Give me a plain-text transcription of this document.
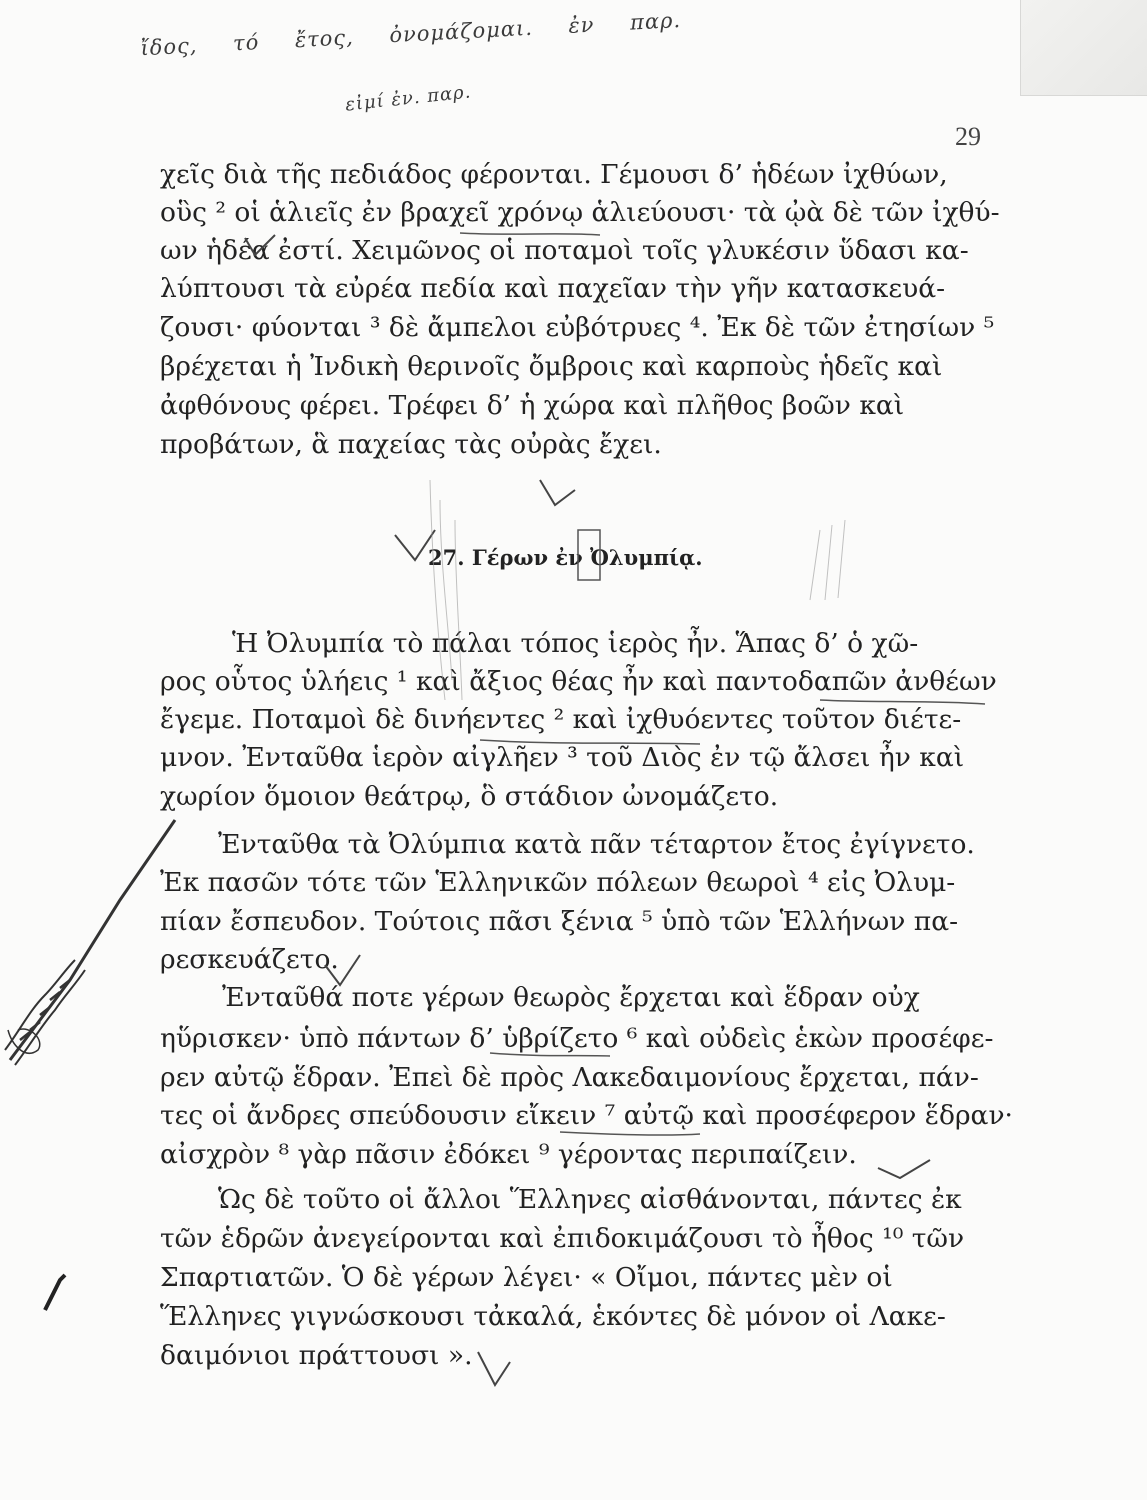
ἴδος, τό ἔτος, ὀνομάζομαι. ἐν παρ.
εἰμί ἐν. παρ.
29
χεῖς διὰ τῆς πεδιάδος φέρονται. Γέμουσι δ’ ἡδέων ἰχθύων,
οὓς ² οἱ ἁλιεῖς ἐν βραχεῖ χρόνῳ ἁλιεύουσι· τὰ ᾠὰ δὲ τῶν ἰχθύ-
ων ἡδέα ἐστί. Χειμῶνος οἱ ποταμοὶ τοῖς γλυκέσιν ὕδασι κα-
λύπτουσι τὰ εὐρέα πεδία καὶ παχεῖαν τὴν γῆν κατασκευά-
ζουσι· φύονται ³ δὲ ἄμπελοι εὐβότρυες ⁴. Ἐκ δὲ τῶν ἐτησίων ⁵
βρέχεται ἡ Ἰνδικὴ θερινοῖς ὄμβροις καὶ καρποὺς ἡδεῖς καὶ
ἀφθόνους φέρει. Τρέφει δ’ ἡ χώρα καὶ πλῆθος βοῶν καὶ
προβάτων, ἃ παχείας τὰς οὐρὰς ἔχει.
27. Γέρων ἐν Ὀλυμπίᾳ.
Ἡ Ὀλυμπία τὸ πάλαι τόπος ἱερὸς ἦν. Ἅπας δ’ ὁ χῶ-
ρος οὗτος ὑλήεις ¹ καὶ ἄξιος θέας ἦν καὶ παντοδαπῶν ἀνθέων
ἔγεμε. Ποταμοὶ δὲ δινήεντες ² καὶ ἰχθυόεντες τοῦτον διέτε-
μνον. Ἐνταῦθα ἱερὸν αἰγλῆεν ³ τοῦ Διὸς ἐν τῷ ἄλσει ἦν καὶ
χωρίον ὅμοιον θεάτρῳ, ὃ στάδιον ὠνομάζετο.
Ἐνταῦθα τὰ Ὀλύμπια κατὰ πᾶν τέταρτον ἔτος ἐγίγνετο.
Ἐκ πασῶν τότε τῶν Ἑλληνικῶν πόλεων θεωροὶ ⁴ εἰς Ὀλυμ-
πίαν ἔσπευδον. Τούτοις πᾶσι ξένια ⁵ ὑπὸ τῶν Ἑλλήνων πα-
ρεσκευάζετο.
Ἐνταῦθά ποτε γέρων θεωρὸς ἔρχεται καὶ ἕδραν οὐχ
ηὕρισκεν· ὑπὸ πάντων δ’ ὑβρίζετο ⁶ καὶ οὐδεὶς ἑκὼν προσέφε-
ρεν αὐτῷ ἕδραν. Ἐπεὶ δὲ πρὸς Λακεδαιμονίους ἔρχεται, πάν-
τες οἱ ἄνδρες σπεύδουσιν εἴκειν ⁷ αὐτῷ καὶ προσέφερον ἕδραν·
αἰσχρὸν ⁸ γὰρ πᾶσιν ἐδόκει ⁹ γέροντας περιπαίζειν.
Ὡς δὲ τοῦτο οἱ ἄλλοι Ἕλληνες αἰσθάνονται, πάντες ἐκ
τῶν ἑδρῶν ἀνεγείρονται καὶ ἐπιδοκιμάζουσι τὸ ἦθος ¹⁰ τῶν
Σπαρτιατῶν. Ὁ δὲ γέρων λέγει· « Οἴμοι, πάντες μὲν οἱ
Ἕλληνες γιγνώσκουσι τἀκαλά, ἑκόντες δὲ μόνον οἱ Λακε-
δαιμόνιοι πράττουσι ».
